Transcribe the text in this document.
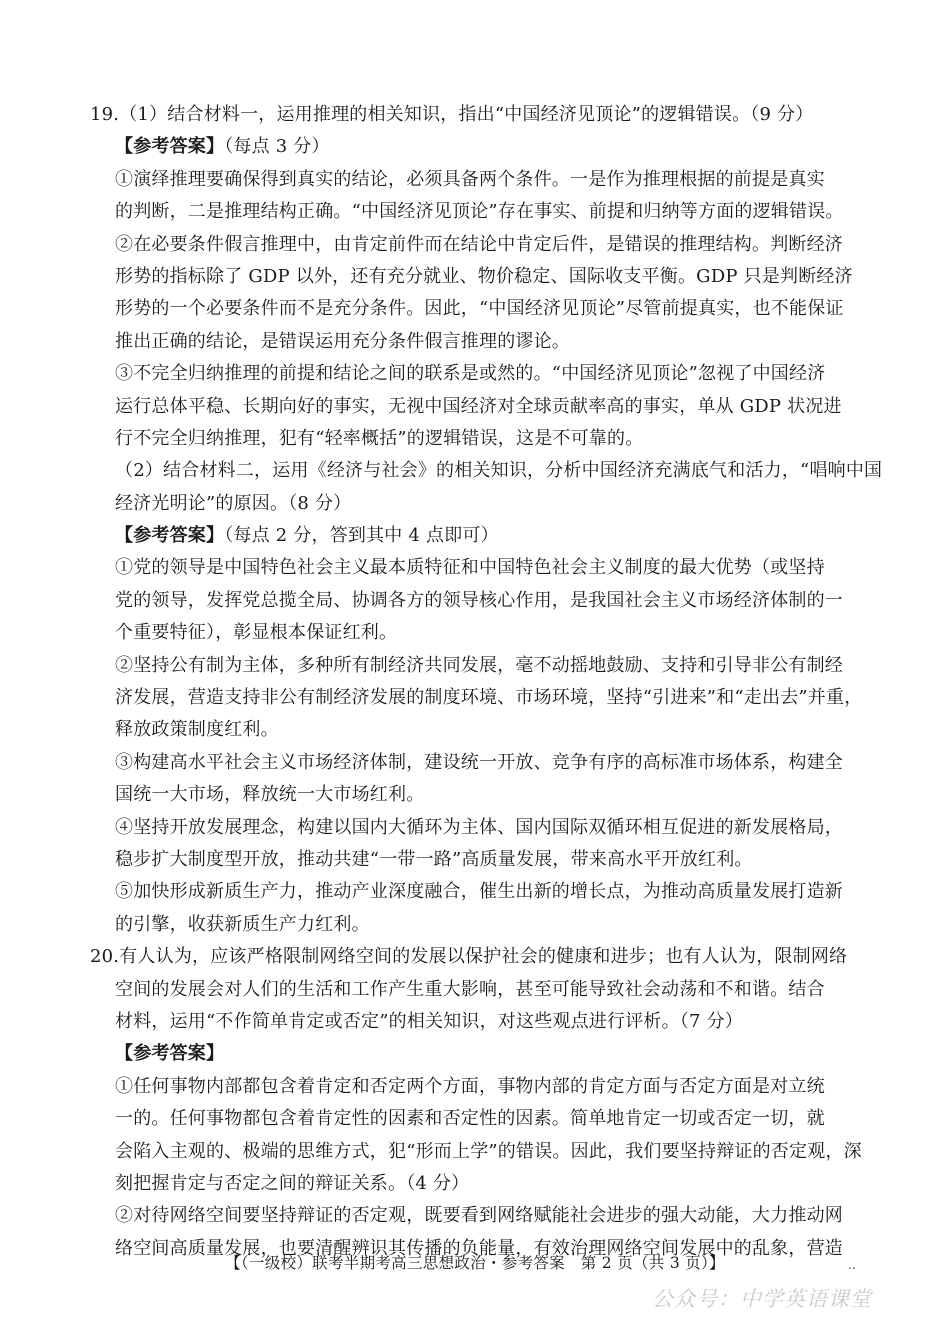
19.（1）结合材料一，运用推理的相关知识，指出“中国经济见顶论”的逻辑错误。（9 分）
【参考答案】（每点 3 分）
①演绎推理要确保得到真实的结论，必须具备两个条件。一是作为推理根据的前提是真实
的判断，二是推理结构正确。“中国经济见顶论”存在事实、前提和归纳等方面的逻辑错误。
②在必要条件假言推理中，由肯定前件而在结论中肯定后件，是错误的推理结构。判断经济
形势的指标除了 GDP 以外，还有充分就业、物价稳定、国际收支平衡。GDP 只是判断经济
形势的一个必要条件而不是充分条件。因此，“中国经济见顶论”尽管前提真实，也不能保证
推出正确的结论，是错误运用充分条件假言推理的谬论。
③不完全归纳推理的前提和结论之间的联系是或然的。“中国经济见顶论”忽视了中国经济
运行总体平稳、长期向好的事实，无视中国经济对全球贡献率高的事实，单从 GDP 状况进
行不完全归纳推理，犯有“轻率概括”的逻辑错误，这是不可靠的。
（2）结合材料二，运用《经济与社会》的相关知识，分析中国经济充满底气和活力，“唱响中国
经济光明论”的原因。（8 分）
【参考答案】（每点 2 分，答到其中 4 点即可）
①党的领导是中国特色社会主义最本质特征和中国特色社会主义制度的最大优势（或坚持
党的领导，发挥党总揽全局、协调各方的领导核心作用，是我国社会主义市场经济体制的一
个重要特征），彰显根本保证红利。
②坚持公有制为主体，多种所有制经济共同发展，毫不动摇地鼓励、支持和引导非公有制经
济发展，营造支持非公有制经济发展的制度环境、市场环境，坚持“引进来”和“走出去”并重，
释放政策制度红利。
③构建高水平社会主义市场经济体制，建设统一开放、竞争有序的高标准市场体系，构建全
国统一大市场，释放统一大市场红利。
④坚持开放发展理念，构建以国内大循环为主体、国内国际双循环相互促进的新发展格局，
稳步扩大制度型开放，推动共建“一带一路”高质量发展，带来高水平开放红利。
⑤加快形成新质生产力，推动产业深度融合，催生出新的增长点，为推动高质量发展打造新
的引擎，收获新质生产力红利。
20.有人认为，应该严格限制网络空间的发展以保护社会的健康和进步；也有人认为，限制网络
空间的发展会对人们的生活和工作产生重大影响，甚至可能导致社会动荡和不和谐。结合
材料，运用“不作简单肯定或否定”的相关知识，对这些观点进行评析。（7 分）
【参考答案】
①任何事物内部都包含着肯定和否定两个方面，事物内部的肯定方面与否定方面是对立统
一的。任何事物都包含着肯定性的因素和否定性的因素。简单地肯定一切或否定一切，就
会陷入主观的、极端的思维方式，犯“形而上学”的错误。因此，我们要坚持辩证的否定观，深
刻把握肯定与否定之间的辩证关系。（4 分）
②对待网络空间要坚持辩证的否定观，既要看到网络赋能社会进步的强大动能，大力推动网
络空间高质量发展，也要清醒辨识其传播的负能量，有效治理网络空间发展中的乱象，营造
【（一级校）联考半期考高三思想政治・参考答案　第 2 页（共 3 页）】	..
公众号：中学英语课堂
